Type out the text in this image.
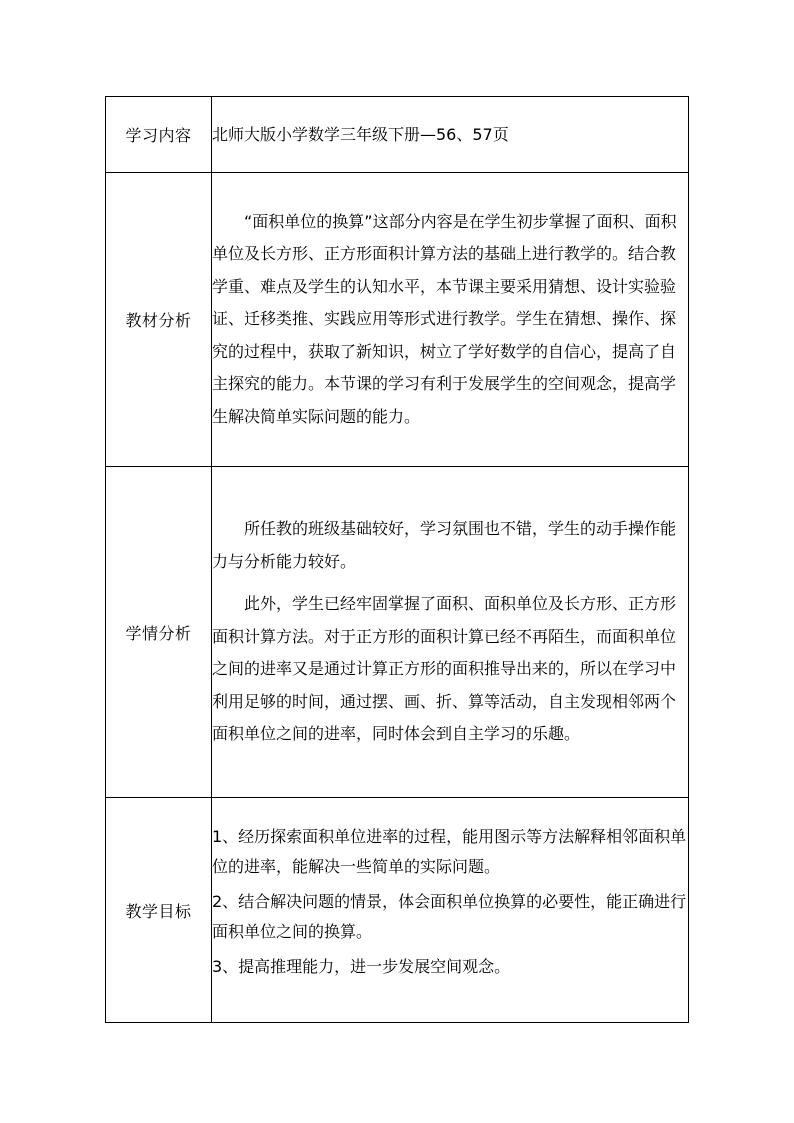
学习内容	北师大版小学数学三年级下册—56、57页

教材分析	“面积单位的换算”这部分内容是在学生初步掌握了面积、面积单位及长方形、正方形面积计算方法的基础上进行教学的。结合教学重、难点及学生的认知水平，本节课主要采用猜想、设计实验验证、迁移类推、实践应用等形式进行教学。学生在猜想、操作、探究的过程中，获取了新知识，树立了学好数学的自信心，提高了自主探究的能力。本节课的学习有利于发展学生的空间观念，提高学生解决简单实际问题的能力。

学情分析	所任教的班级基础较好，学习氛围也不错，学生的动手操作能力与分析能力较好。

此外，学生已经牢固掌握了面积、面积单位及长方形、正方形面积计算方法。对于正方形的面积计算已经不再陌生，而面积单位之间的进率又是通过计算正方形的面积推导出来的，所以在学习中利用足够的时间，通过摆、画、折、算等活动，自主发现相邻两个面积单位之间的进率，同时体会到自主学习的乐趣。

教学目标	1、经历探索面积单位进率的过程，能用图示等方法解释相邻面积单位的进率，能解决一些简单的实际问题。

2、结合解决问题的情景，体会面积单位换算的必要性，能正确进行面积单位之间的换算。

3、提高推理能力，进一步发展空间观念。
